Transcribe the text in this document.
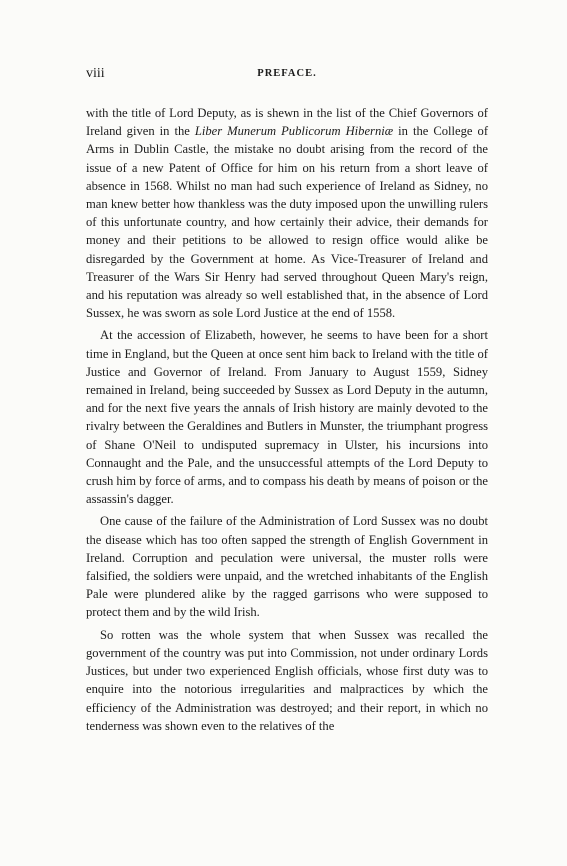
viii	PREFACE.

with the title of Lord Deputy, as is shewn in the list of the Chief Governors of Ireland given in the Liber Munerum Publicorum Hiberniæ in the College of Arms in Dublin Castle, the mistake no doubt arising from the record of the issue of a new Patent of Office for him on his return from a short leave of absence in 1568. Whilst no man had such experience of Ireland as Sidney, no man knew better how thankless was the duty imposed upon the unwilling rulers of this unfortunate country, and how certainly their advice, their demands for money and their petitions to be allowed to resign office would alike be disregarded by the Government at home. As Vice-Treasurer of Ireland and Treasurer of the Wars Sir Henry had served throughout Queen Mary's reign, and his reputation was already so well established that, in the absence of Lord Sussex, he was sworn as sole Lord Justice at the end of 1558.

At the accession of Elizabeth, however, he seems to have been for a short time in England, but the Queen at once sent him back to Ireland with the title of Justice and Governor of Ireland. From January to August 1559, Sidney remained in Ireland, being succeeded by Sussex as Lord Deputy in the autumn, and for the next five years the annals of Irish history are mainly devoted to the rivalry between the Geraldines and Butlers in Munster, the triumphant progress of Shane O'Neil to undisputed supremacy in Ulster, his incursions into Connaught and the Pale, and the unsuccessful attempts of the Lord Deputy to crush him by force of arms, and to compass his death by means of poison or the assassin's dagger.

One cause of the failure of the Administration of Lord Sussex was no doubt the disease which has too often sapped the strength of English Government in Ireland. Corruption and peculation were universal, the muster rolls were falsified, the soldiers were unpaid, and the wretched inhabitants of the English Pale were plundered alike by the ragged garrisons who were supposed to protect them and by the wild Irish.

So rotten was the whole system that when Sussex was recalled the government of the country was put into Commission, not under ordinary Lords Justices, but under two experienced English officials, whose first duty was to enquire into the notorious irregularities and malpractices by which the efficiency of the Administration was destroyed; and their report, in which no tenderness was shown even to the relatives of the
